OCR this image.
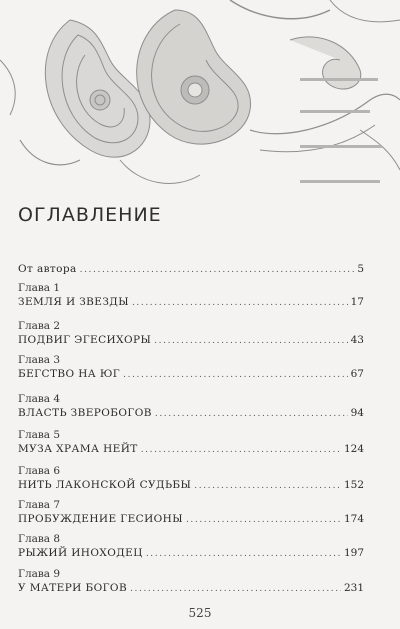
ОГЛАВЛЕНИЕ
От автора .....	5
Глава 1
ЗЕМЛЯ И ЗВЕЗДЫ .....	17
Глава 2
ПОДВИГ ЭГЕСИХОРЫ .....	43
Глава 3
БЕГСТВО НА ЮГ .....	67
Глава 4
ВЛАСТЬ ЗВЕРОБОГОВ .....	94
Глава 5
МУЗА ХРАМА НЕЙТ .....	124
Глава 6
НИТЬ ЛАКОНСКОЙ СУДЬБЫ .....	152
Глава 7
ПРОБУЖДЕНИЕ ГЕСИОНЫ .....	174
Глава 8
РЫЖИЙ ИНОХОДЕЦ .....	197
Глава 9
У МАТЕРИ БОГОВ .....	231
525
